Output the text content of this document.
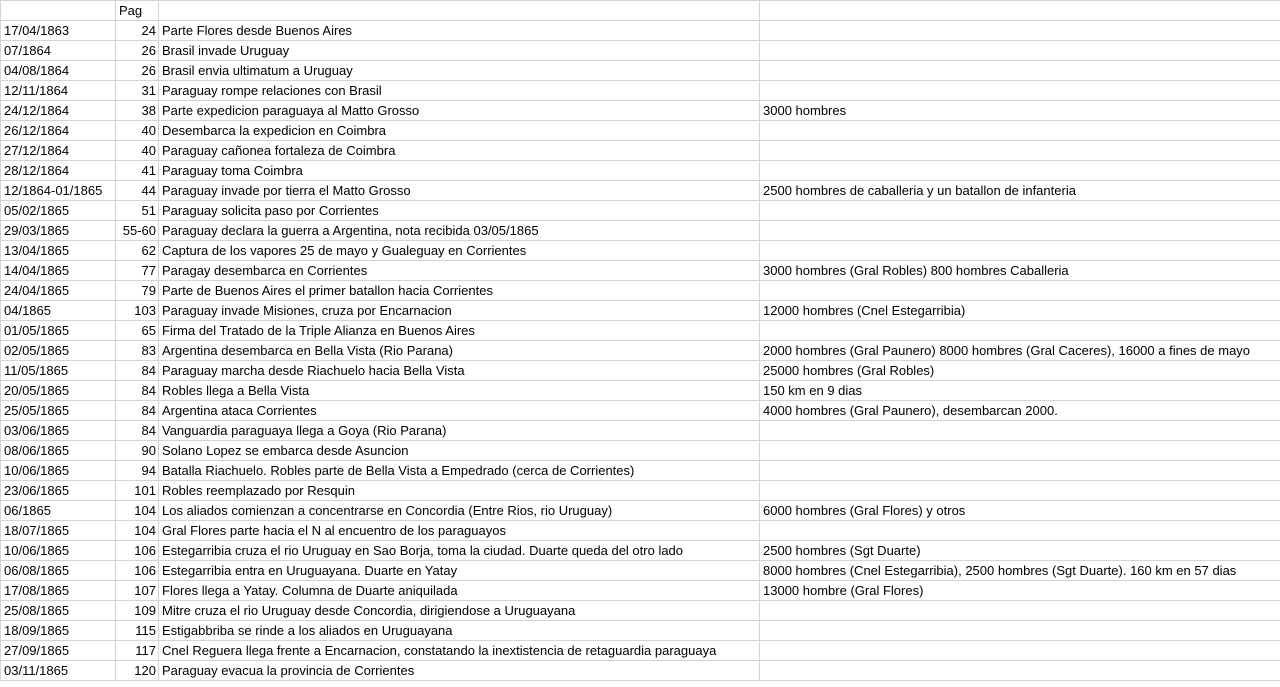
	Pag		
17/04/1863	24	Parte Flores desde Buenos Aires	
07/1864	26	Brasil invade Uruguay	
04/08/1864	26	Brasil envia ultimatum a Uruguay	
12/11/1864	31	Paraguay rompe relaciones con Brasil	
24/12/1864	38	Parte expedicion paraguaya al Matto Grosso	3000 hombres
26/12/1864	40	Desembarca la expedicion en Coimbra	
27/12/1864	40	Paraguay cañonea fortaleza de Coimbra	
28/12/1864	41	Paraguay toma Coimbra	
12/1864-01/1865	44	Paraguay invade por tierra el Matto Grosso	2500 hombres de caballeria y un batallon de infanteria
05/02/1865	51	Paraguay solicita paso por Corrientes	
29/03/1865	55-60	Paraguay declara la guerra a Argentina, nota recibida 03/05/1865	
13/04/1865	62	Captura de los vapores 25 de mayo y Gualeguay en Corrientes	
14/04/1865	77	Paragay desembarca en Corrientes	3000 hombres (Gral Robles) 800 hombres Caballeria
24/04/1865	79	Parte de Buenos Aires el primer batallon hacia Corrientes	
04/1865	103	Paraguay invade Misiones, cruza por Encarnacion	12000 hombres (Cnel Estegarribia)
01/05/1865	65	Firma del Tratado de la Triple Alianza en Buenos Aires	
02/05/1865	83	Argentina desembarca en Bella Vista (Rio Parana)	2000 hombres (Gral Paunero) 8000 hombres (Gral Caceres), 16000 a fines de mayo
11/05/1865	84	Paraguay marcha desde Riachuelo hacia Bella Vista	25000 hombres (Gral Robles)
20/05/1865	84	Robles llega a Bella Vista	150 km en 9 dias
25/05/1865	84	Argentina ataca Corrientes	4000 hombres (Gral Paunero), desembarcan 2000.
03/06/1865	84	Vanguardia paraguaya llega a Goya (Rio Parana)	
08/06/1865	90	Solano Lopez se embarca desde Asuncion	
10/06/1865	94	Batalla Riachuelo. Robles parte de Bella Vista a Empedrado (cerca de Corrientes)	
23/06/1865	101	Robles reemplazado por Resquin	
06/1865	104	Los aliados comienzan a concentrarse en Concordia (Entre Rios, rio Uruguay)	6000 hombres (Gral Flores) y otros
18/07/1865	104	Gral Flores parte hacia el N al encuentro de los paraguayos	
10/06/1865	106	Estegarribia cruza el rio Uruguay en Sao Borja, toma la ciudad. Duarte queda del otro lado	2500 hombres (Sgt Duarte)
06/08/1865	106	Estegarribia entra en Uruguayana. Duarte en Yatay	8000 hombres (Cnel Estegarribia), 2500 hombres (Sgt Duarte). 160 km en 57 dias
17/08/1865	107	Flores llega a Yatay. Columna de Duarte aniquilada	13000 hombre (Gral Flores)
25/08/1865	109	Mitre cruza el rio Uruguay desde Concordia, dirigiendose a Uruguayana	
18/09/1865	115	Estigabbriba se rinde a los aliados en Uruguayana	
27/09/1865	117	Cnel Reguera llega frente a Encarnacion, constatando la inextistencia de retaguardia paraguaya	
03/11/1865	120	Paraguay evacua la provincia de Corrientes	
